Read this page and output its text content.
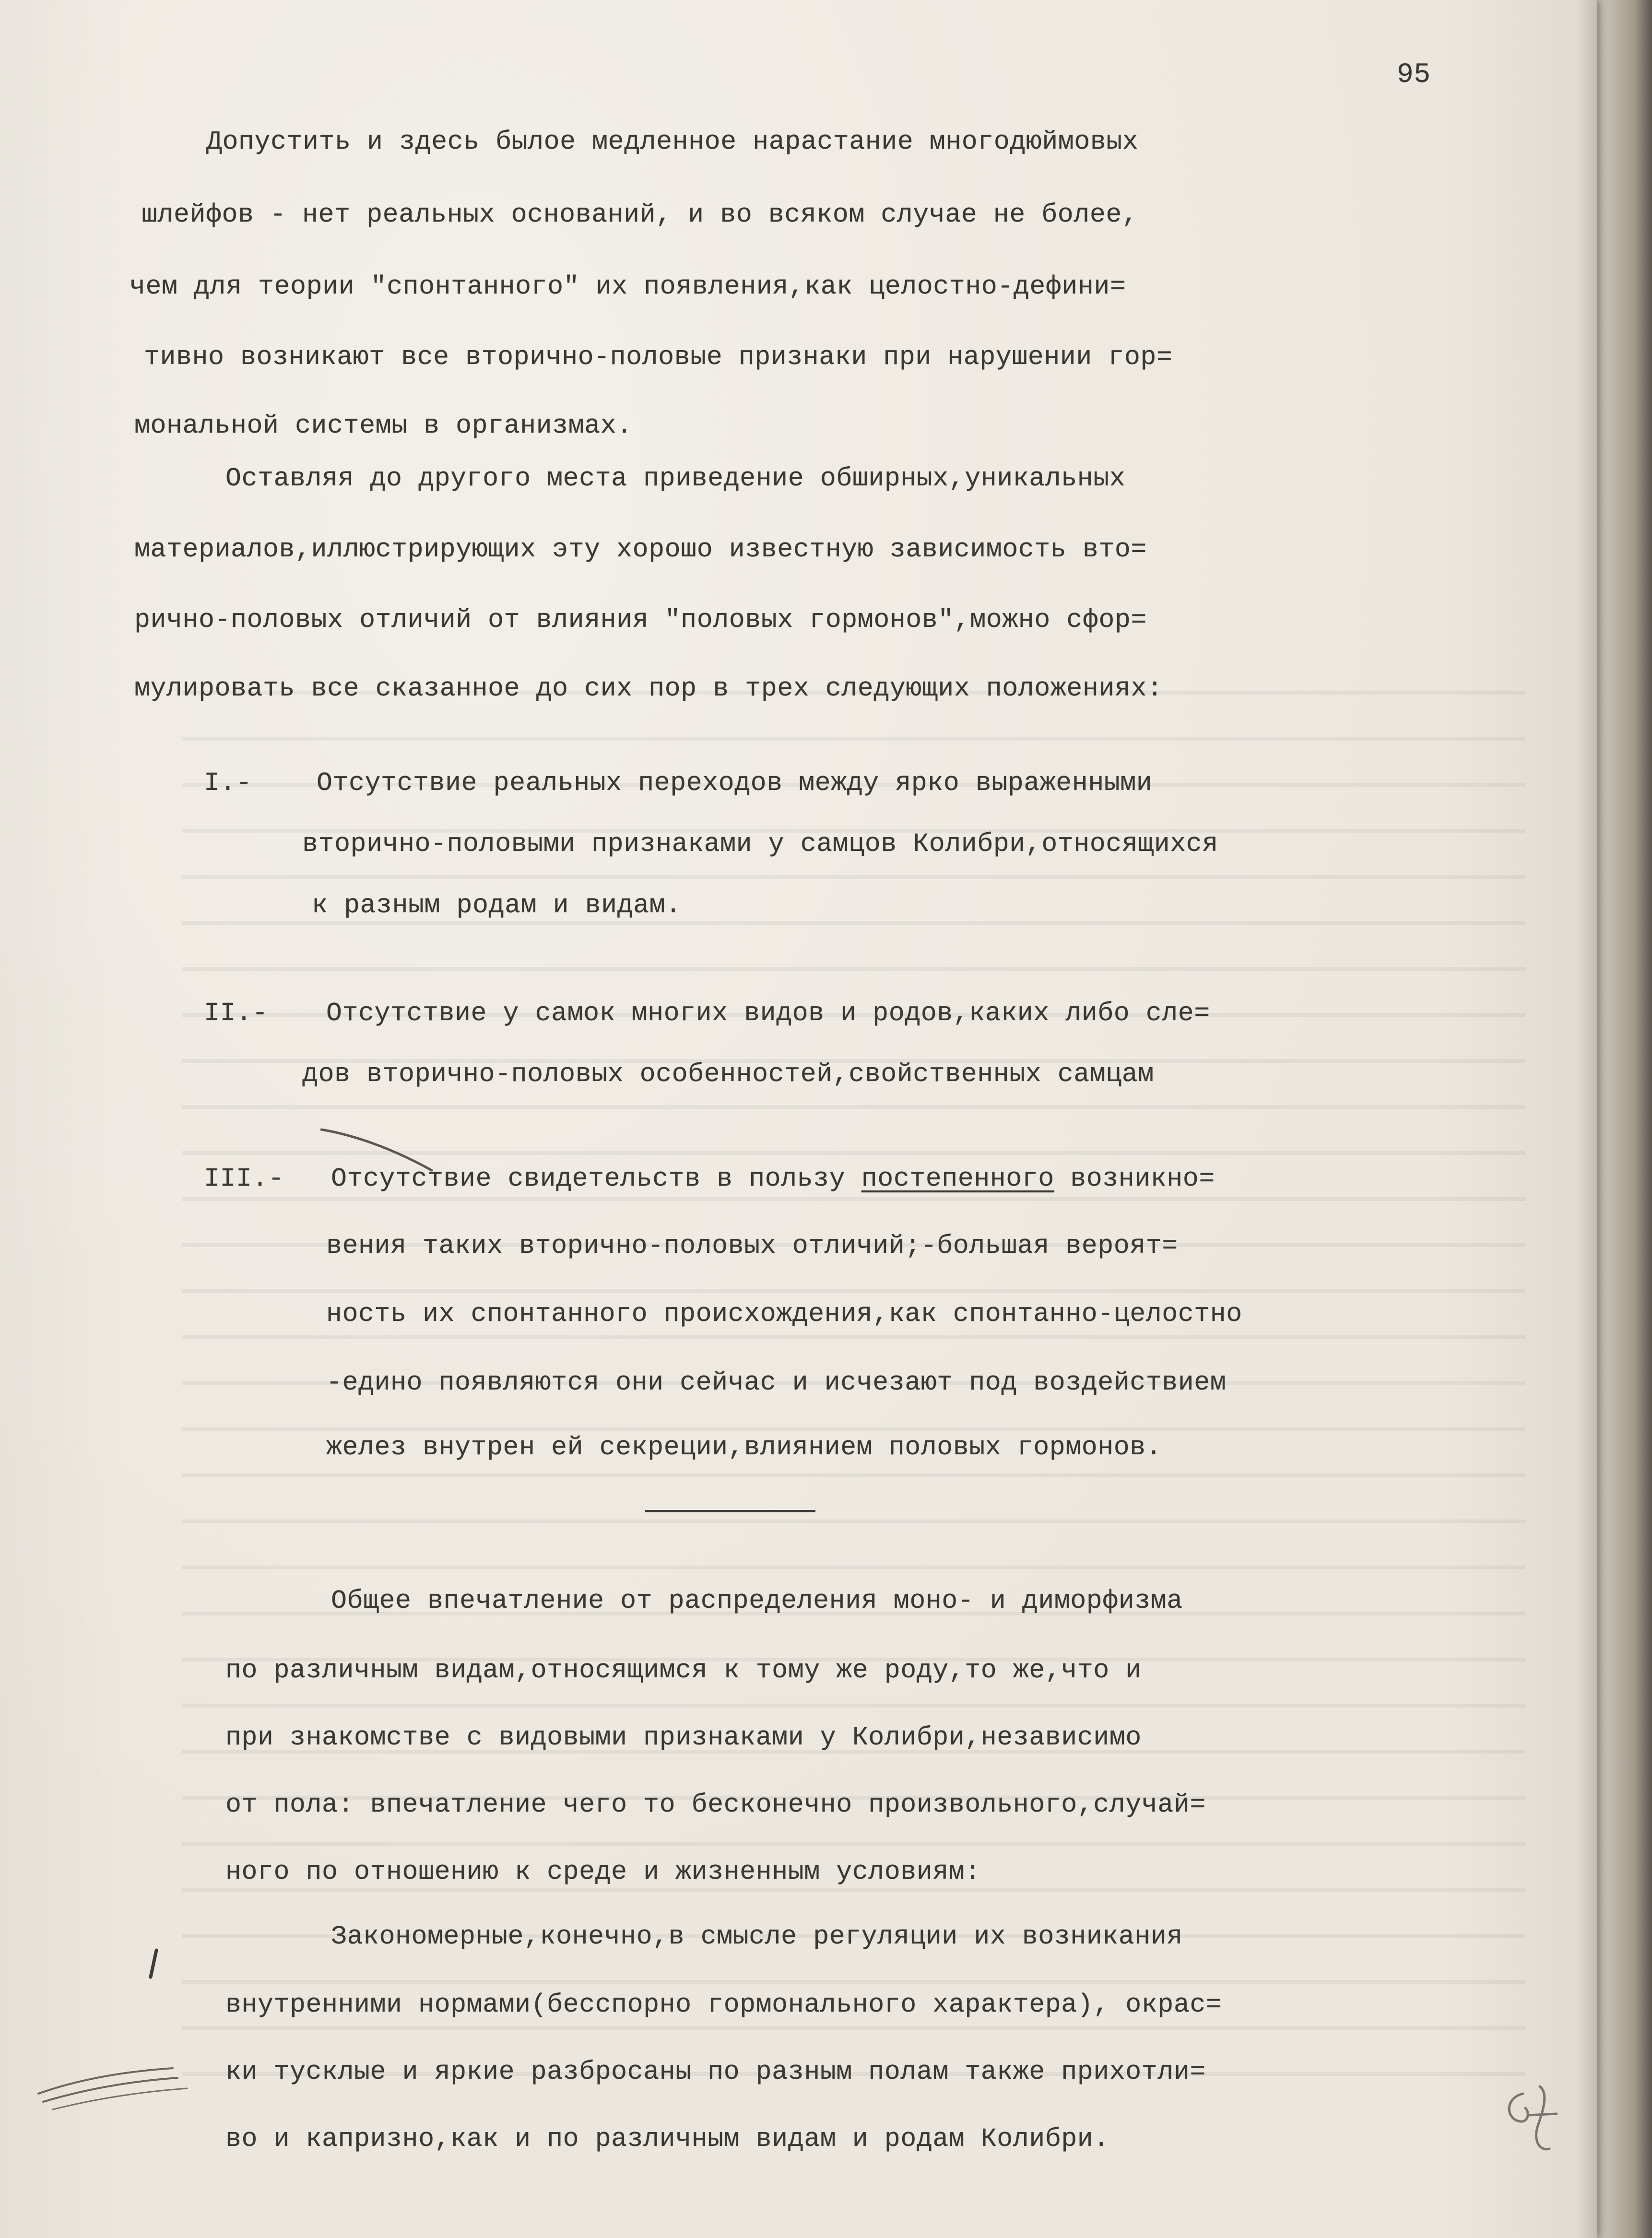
95

Допустить и здесь былое медленное нарастание многодюймовых

шлейфов - нет реальных оснований, и во всяком случае не более,

чем для теории "спонтанного" их появления,как целостно-дефини=

тивно возникают все вторично-половые признаки при нарушении гор=

мональной системы в организмах.

Оставляя до другого места приведение обширных,уникальных

материалов,иллюстрирующих эту хорошо известную зависимость вто=

рично-половых отличий от влияния "половых гормонов",можно сфор=

мулировать все сказанное до сих пор в трех следующих положениях:

I.- Отсутствие реальных переходов между ярко выраженными

вторично-половыми признаками у самцов Колибри,относящихся

к разным родам и видам.

II.- Отсутствие у самок многих видов и родов,каких либо сле=

дов вторично-половых особенностей,свойственных самцам

III.- Отсутствие свидетельств в пользу постепенного возникно=

вения таких вторично-половых отличий;-большая вероят=

ность их спонтанного происхождения,как спонтанно-целостно

-едино появляются они сейчас и исчезают под воздействием

желез внутрен ей секреции,влиянием половых гормонов.

Общее впечатление от распределения моно- и диморфизма

по различным видам,относящимся к тому же роду,то же,что и

при знакомстве с видовыми признаками у Колибри,независимо

от пола: впечатление чего то бесконечно произвольного,случай=

ного по отношению к среде и жизненным условиям:

Закономерные,конечно,в смысле регуляции их возникания

внутренними нормами(бесспорно гормонального характера), окрас=

ки тусклые и яркие разбросаны по разным полам также прихотли=

во и капризно,как и по различным видам и родам Колибри.
